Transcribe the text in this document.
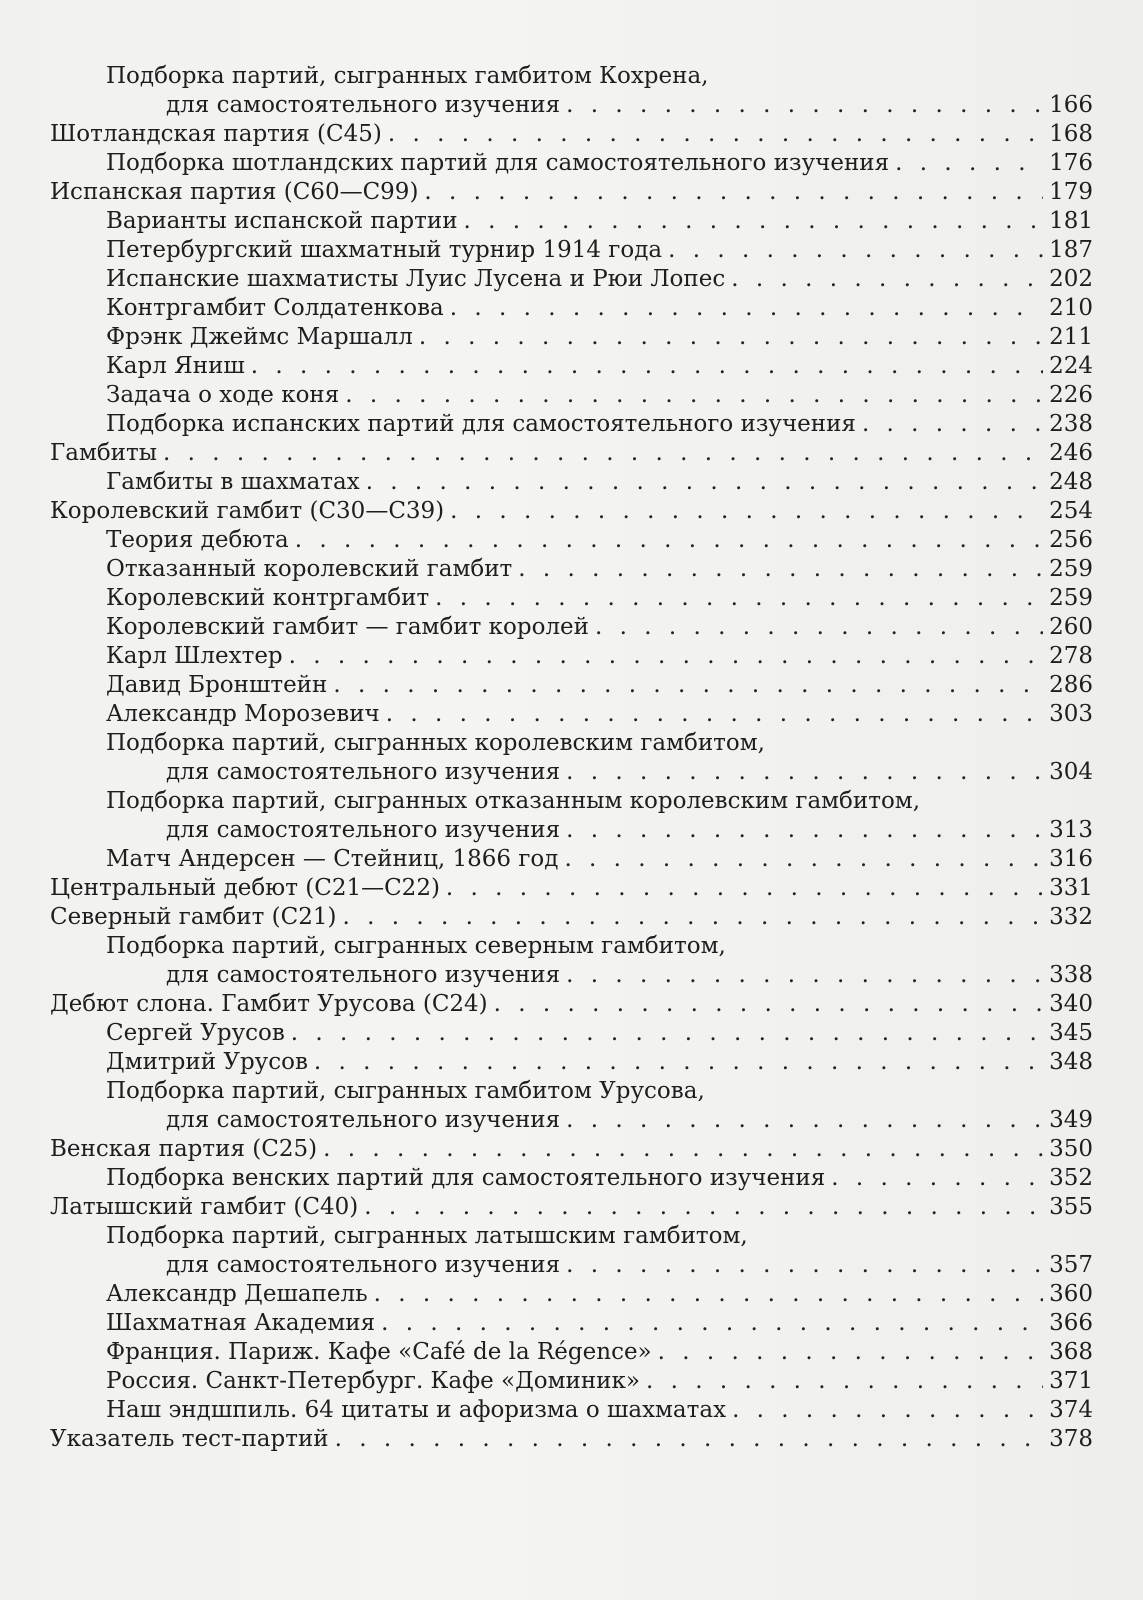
Подборка партий, сыгранных гамбитом Кохрена,
для самостоятельного изучения . . .	166
Шотландская партия (С45) . . .	168
Подборка шотландских партий для самостоятельного изучения . . .	176
Испанская партия (С60—С99) . . .	179
Варианты испанской партии . . .	181
Петербургский шахматный турнир 1914 года . . .	187
Испанские шахматисты Луис Лусена и Рюи Лопес . . .	202
Контргамбит Солдатенкова . . .	210
Фрэнк Джеймс Маршалл . . .	211
Карл Яниш . . .	224
Задача о ходе коня . . .	226
Подборка испанских партий для самостоятельного изучения . . .	238
Гамбиты . . .	246
Гамбиты в шахматах . . .	248
Королевский гамбит (С30—С39) . . .	254
Теория дебюта . . .	256
Отказанный королевский гамбит . . .	259
Королевский контргамбит . . .	259
Королевский гамбит — гамбит королей . . .	260
Карл Шлехтер . . .	278
Давид Бронштейн . . .	286
Александр Морозевич . . .	303
Подборка партий, сыгранных королевским гамбитом,
для самостоятельного изучения . . .	304
Подборка партий, сыгранных отказанным королевским гамбитом,
для самостоятельного изучения . . .	313
Матч Андерсен — Стейниц, 1866 год . . .	316
Центральный дебют (С21—С22) . . .	331
Северный гамбит (С21) . . .	332
Подборка партий, сыгранных северным гамбитом,
для самостоятельного изучения . . .	338
Дебют слона. Гамбит Урусова (С24) . . .	340
Сергей Урусов . . .	345
Дмитрий Урусов . . .	348
Подборка партий, сыгранных гамбитом Урусова,
для самостоятельного изучения . . .	349
Венская партия (С25) . . .	350
Подборка венских партий для самостоятельного изучения . . .	352
Латышский гамбит (С40) . . .	355
Подборка партий, сыгранных латышским гамбитом,
для самостоятельного изучения . . .	357
Александр Дешапель . . .	360
Шахматная Академия . . .	366
Франция. Париж. Кафе «Café de la Régence» . . .	368
Россия. Санкт-Петербург. Кафе «Доминик» . . .	371
Наш эндшпиль. 64 цитаты и афоризма о шахматах . . .	374
Указатель тест-партий . . .	378
